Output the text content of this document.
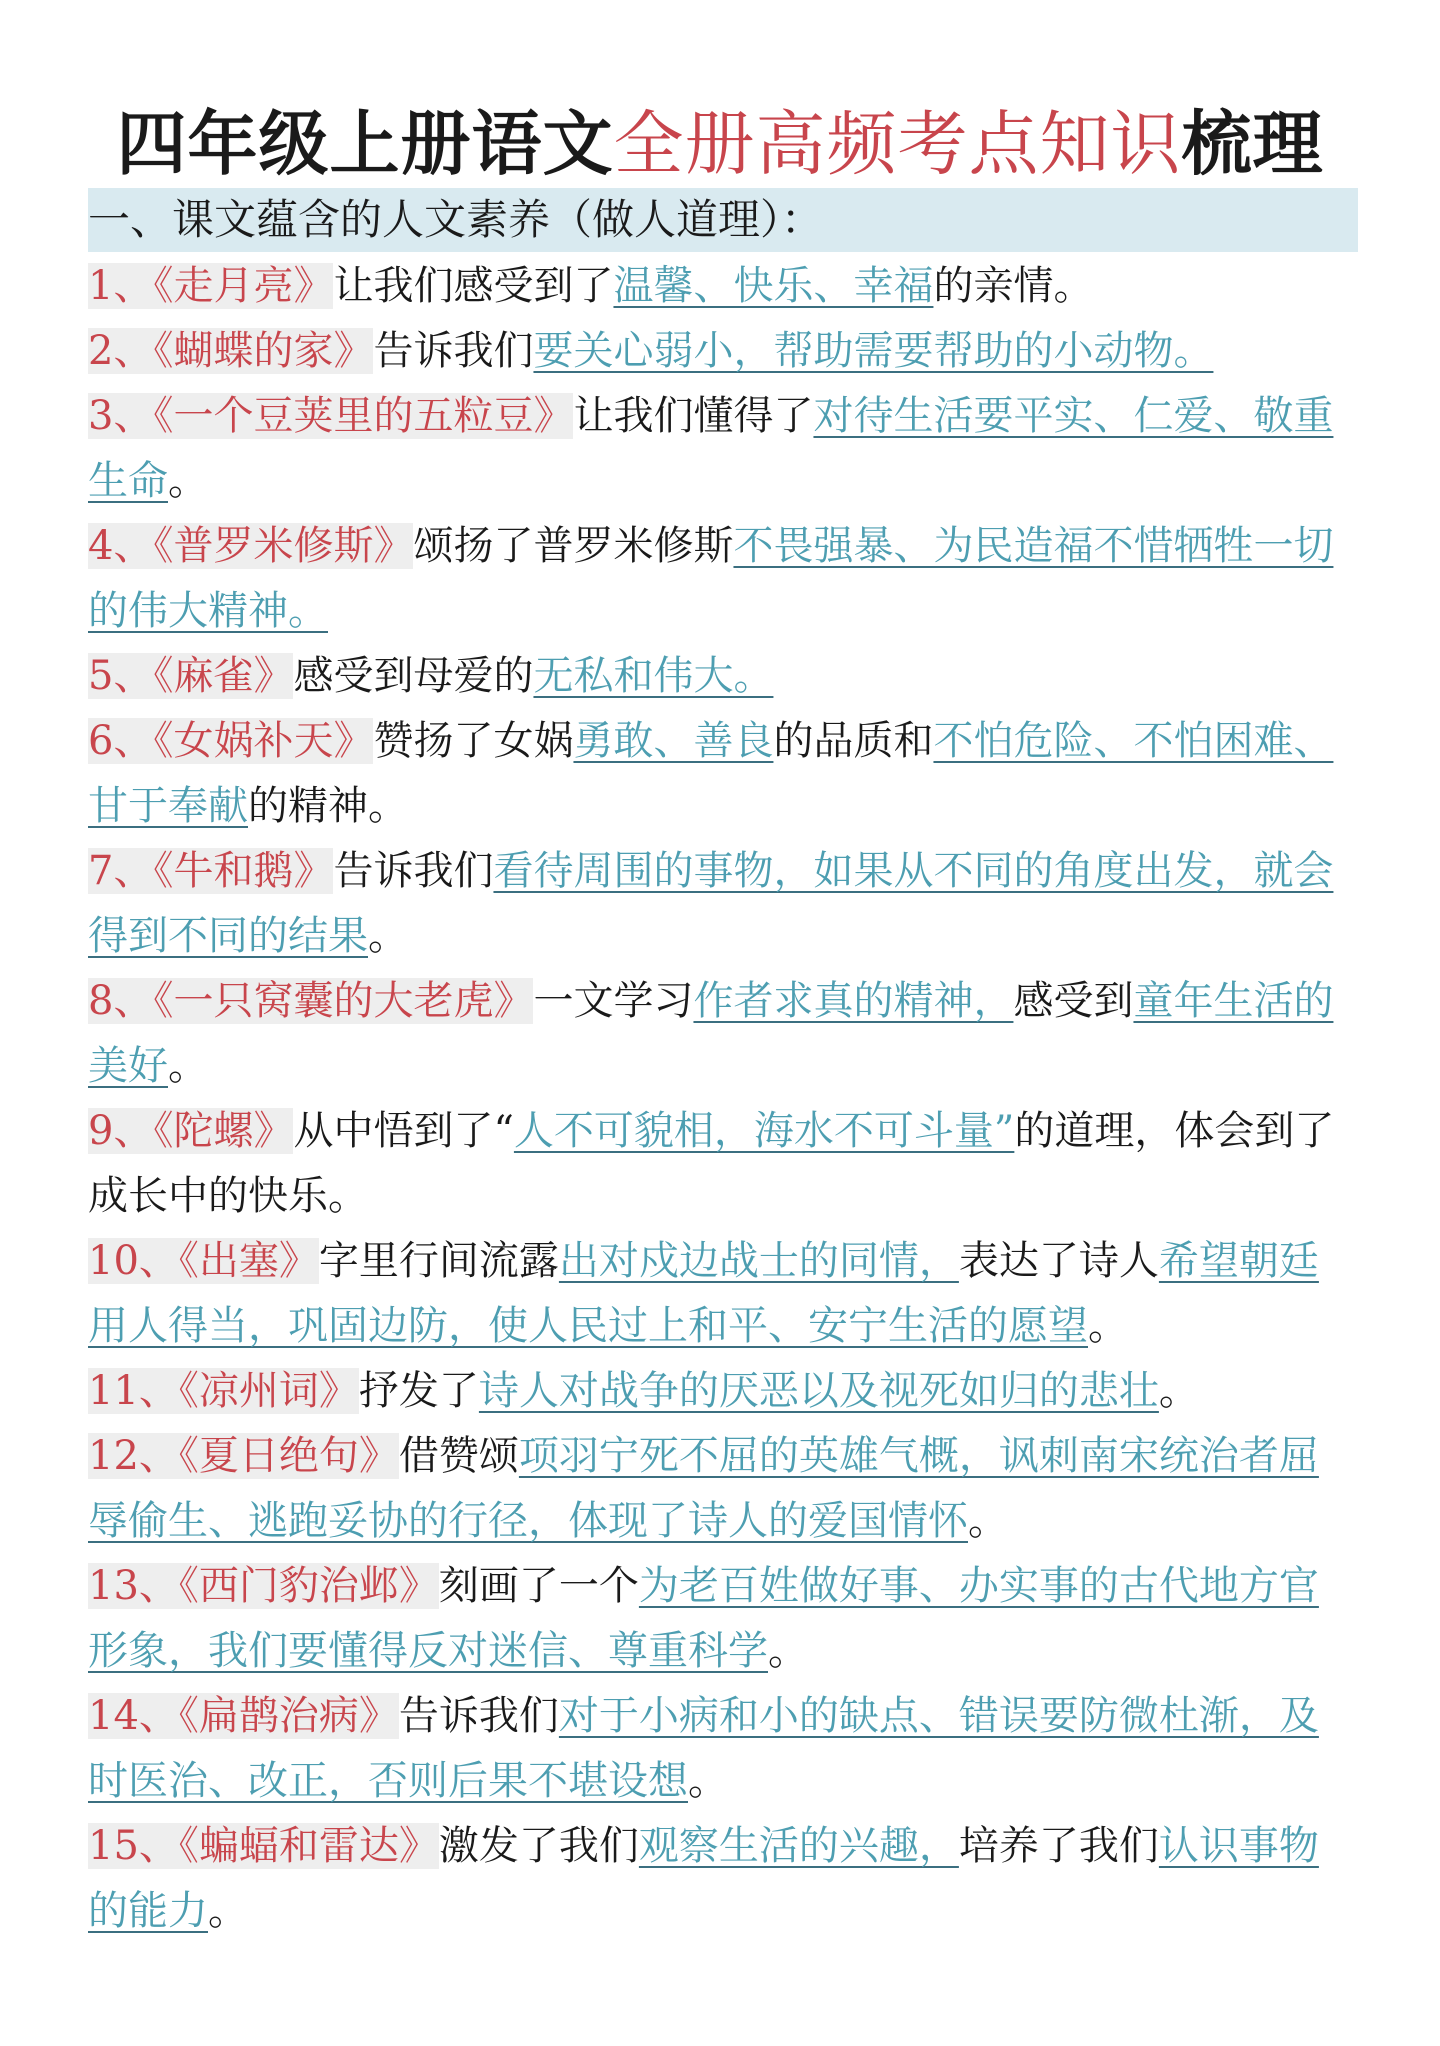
四年级上册语文全册高频考点知识梳理
一、课文蕴含的人文素养（做人道理）：
1、《走月亮》让我们感受到了温馨、快乐、幸福的亲情。
2、《蝴蝶的家》告诉我们要关心弱小，帮助需要帮助的小动物。
3、《一个豆荚里的五粒豆》让我们懂得了对待生活要平实、仁爱、敬重生命。
4、《普罗米修斯》颂扬了普罗米修斯不畏强暴、为民造福不惜牺牲一切的伟大精神。
5、《麻雀》感受到母爱的无私和伟大。
6、《女娲补天》赞扬了女娲勇敢、善良的品质和不怕危险、不怕困难、甘于奉献的精神。
7、《牛和鹅》告诉我们看待周围的事物，如果从不同的角度出发，就会得到不同的结果。
8、《一只窝囊的大老虎》一文学习作者求真的精神，感受到童年生活的美好。
9、《陀螺》从中悟到了“人不可貌相，海水不可斗量”的道理，体会到了成长中的快乐。
10、《出塞》字里行间流露出对戍边战士的同情，表达了诗人希望朝廷用人得当，巩固边防，使人民过上和平、安宁生活的愿望。
11、《凉州词》抒发了诗人对战争的厌恶以及视死如归的悲壮。
12、《夏日绝句》借赞颂项羽宁死不屈的英雄气概，讽刺南宋统治者屈辱偷生、逃跑妥协的行径，体现了诗人的爱国情怀。
13、《西门豹治邺》刻画了一个为老百姓做好事、办实事的古代地方官形象，我们要懂得反对迷信、尊重科学。
14、《扁鹊治病》告诉我们对于小病和小的缺点、错误要防微杜渐，及时医治、改正，否则后果不堪设想。
15、《蝙蝠和雷达》激发了我们观察生活的兴趣，培养了我们认识事物的能力。
